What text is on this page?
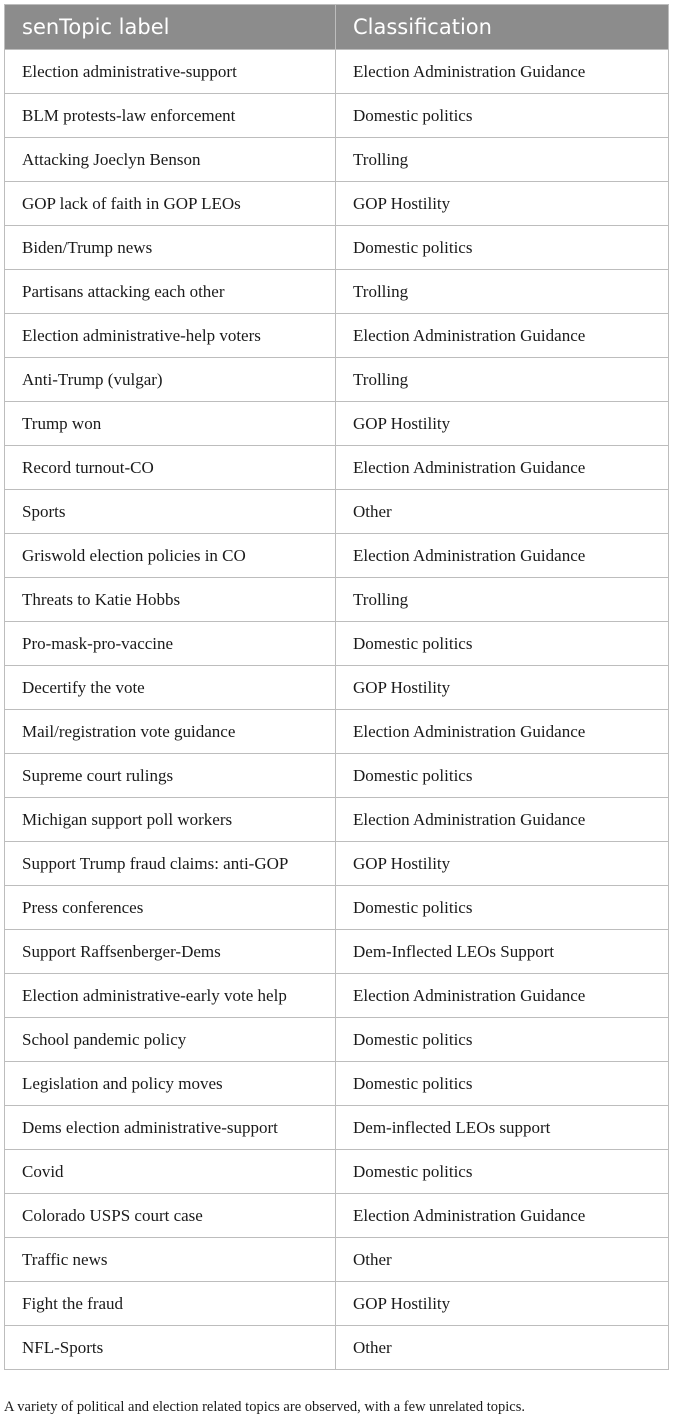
senTopic label	Classification
Election administrative-support	Election Administration Guidance
BLM protests-law enforcement	Domestic politics
Attacking Joeclyn Benson	Trolling
GOP lack of faith in GOP LEOs	GOP Hostility
Biden/Trump news	Domestic politics
Partisans attacking each other	Trolling
Election administrative-help voters	Election Administration Guidance
Anti-Trump (vulgar)	Trolling
Trump won	GOP Hostility
Record turnout-CO	Election Administration Guidance
Sports	Other
Griswold election policies in CO	Election Administration Guidance
Threats to Katie Hobbs	Trolling
Pro-mask-pro-vaccine	Domestic politics
Decertify the vote	GOP Hostility
Mail/registration vote guidance	Election Administration Guidance
Supreme court rulings	Domestic politics
Michigan support poll workers	Election Administration Guidance
Support Trump fraud claims: anti-GOP	GOP Hostility
Press conferences	Domestic politics
Support Raffsenberger-Dems	Dem-Inflected LEOs Support
Election administrative-early vote help	Election Administration Guidance
School pandemic policy	Domestic politics
Legislation and policy moves	Domestic politics
Dems election administrative-support	Dem-inflected LEOs support
Covid	Domestic politics
Colorado USPS court case	Election Administration Guidance
Traffic news	Other
Fight the fraud	GOP Hostility
NFL-Sports	Other
A variety of political and election related topics are observed, with a few unrelated topics.
